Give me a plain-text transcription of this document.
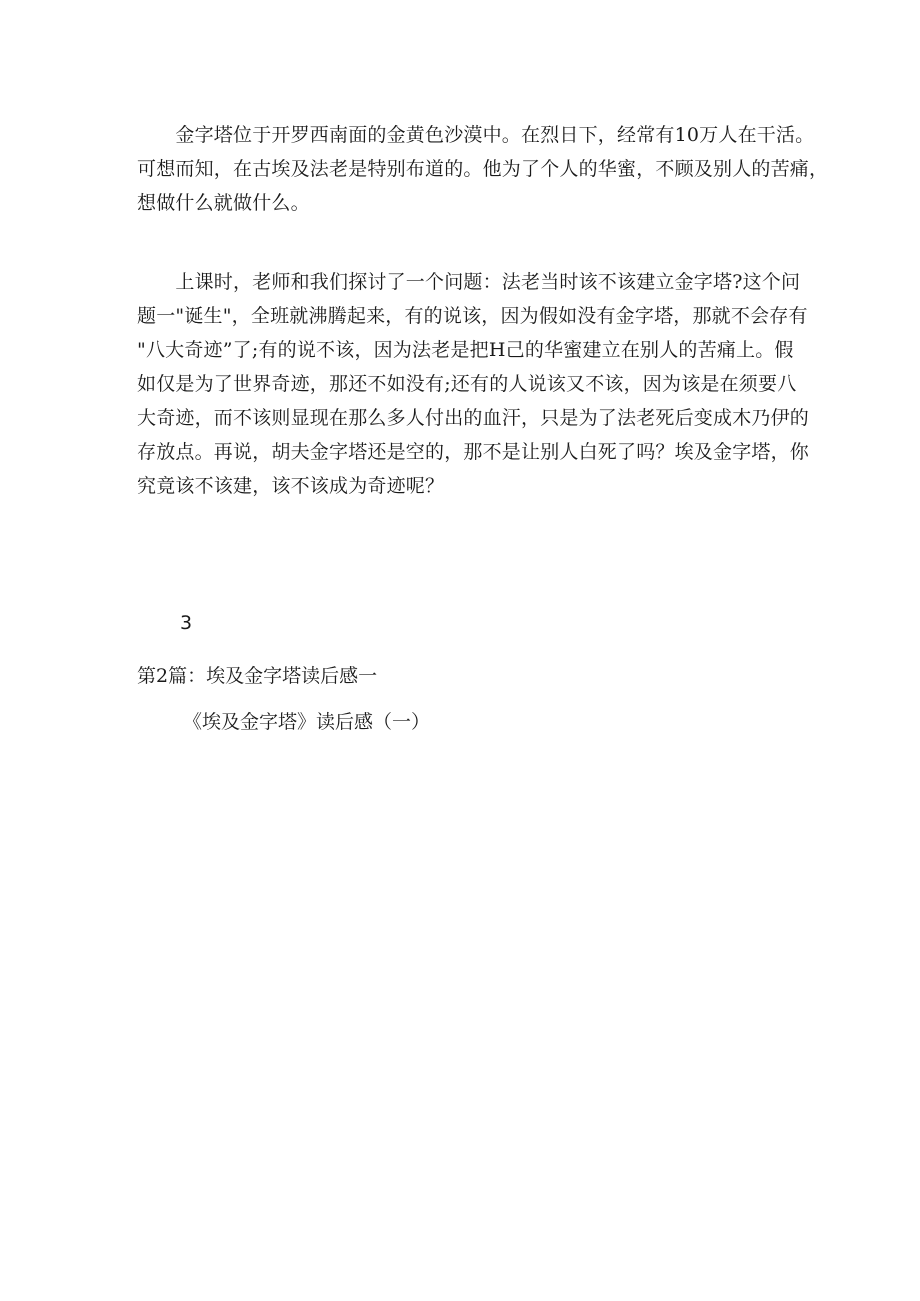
　　金字塔位于开罗西南面的金黄色沙漠中。在烈日下，经常有10万人在干活。
可想而知，在古埃及法老是特别布道的。他为了个人的华蜜，不顾及别人的苦痛，
想做什么就做什么。

　　上课时，老师和我们探讨了一个问题：法老当时该不该建立金字塔?这个问
题一"诞生"，全班就沸腾起来，有的说该，因为假如没有金字塔，那就不会存有
"八大奇迹”了;有的说不该，因为法老是把H己的华蜜建立在别人的苦痛上。假
如仅是为了世界奇迹，那还不如没有;还有的人说该又不该，因为该是在须要八
大奇迹，而不该则显现在那么多人付出的血汗，只是为了法老死后变成木乃伊的
存放点。再说，胡夫金字塔还是空的，那不是让别人白死了吗？埃及金字塔，你
究竟该不该建，该不该成为奇迹呢？

3
第2篇：埃及金字塔读后感一
《埃及金字塔》读后感（一）
